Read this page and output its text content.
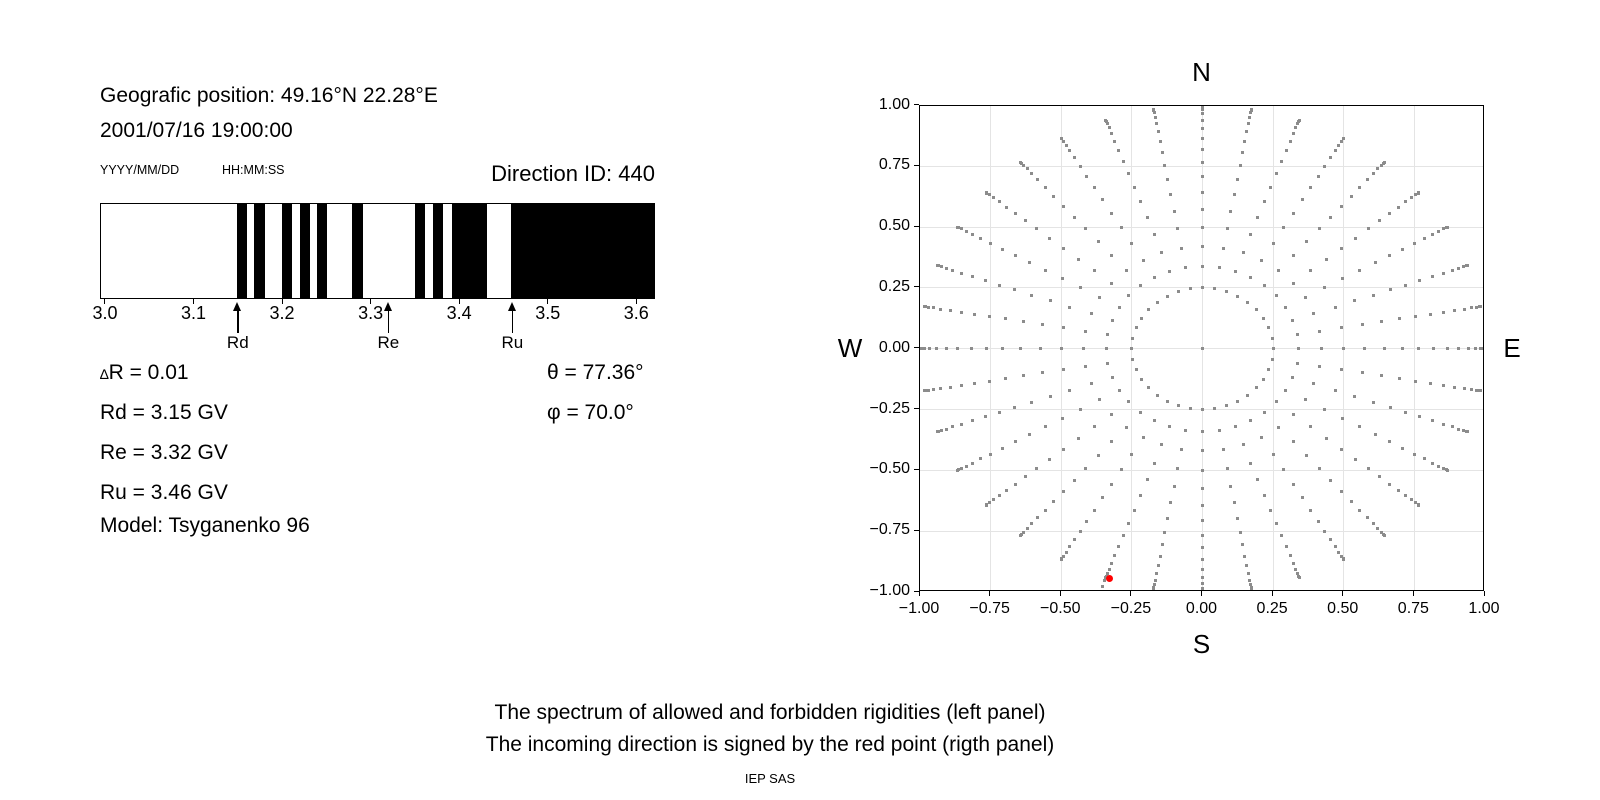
Geografic position: 49.16°N 22.28°E
2001/07/16 19:00:00
YYYY/MM/DD	HH:MM:SS	Direction ID: 440
3.0	3.1	3.2	3.3	3.4	3.5	3.6
Rd	Re	Ru
∆R = 0.01
Rd = 3.15 GV
Re = 3.32 GV
Ru = 3.46 GV
Model: Tsyganenko 96
θ = 77.36°
φ = 70.0°
−1.00	−0.75	−0.50	−0.25	0.00	0.25	0.50	0.75	1.00
1.00
0.75
0.50
0.25
0.00
−0.25
−0.50
−0.75
−1.00
N
S
W	E
The spectrum of allowed and forbidden rigidities (left panel)
The incoming direction is signed by the red point (rigth panel)
IEP SAS
